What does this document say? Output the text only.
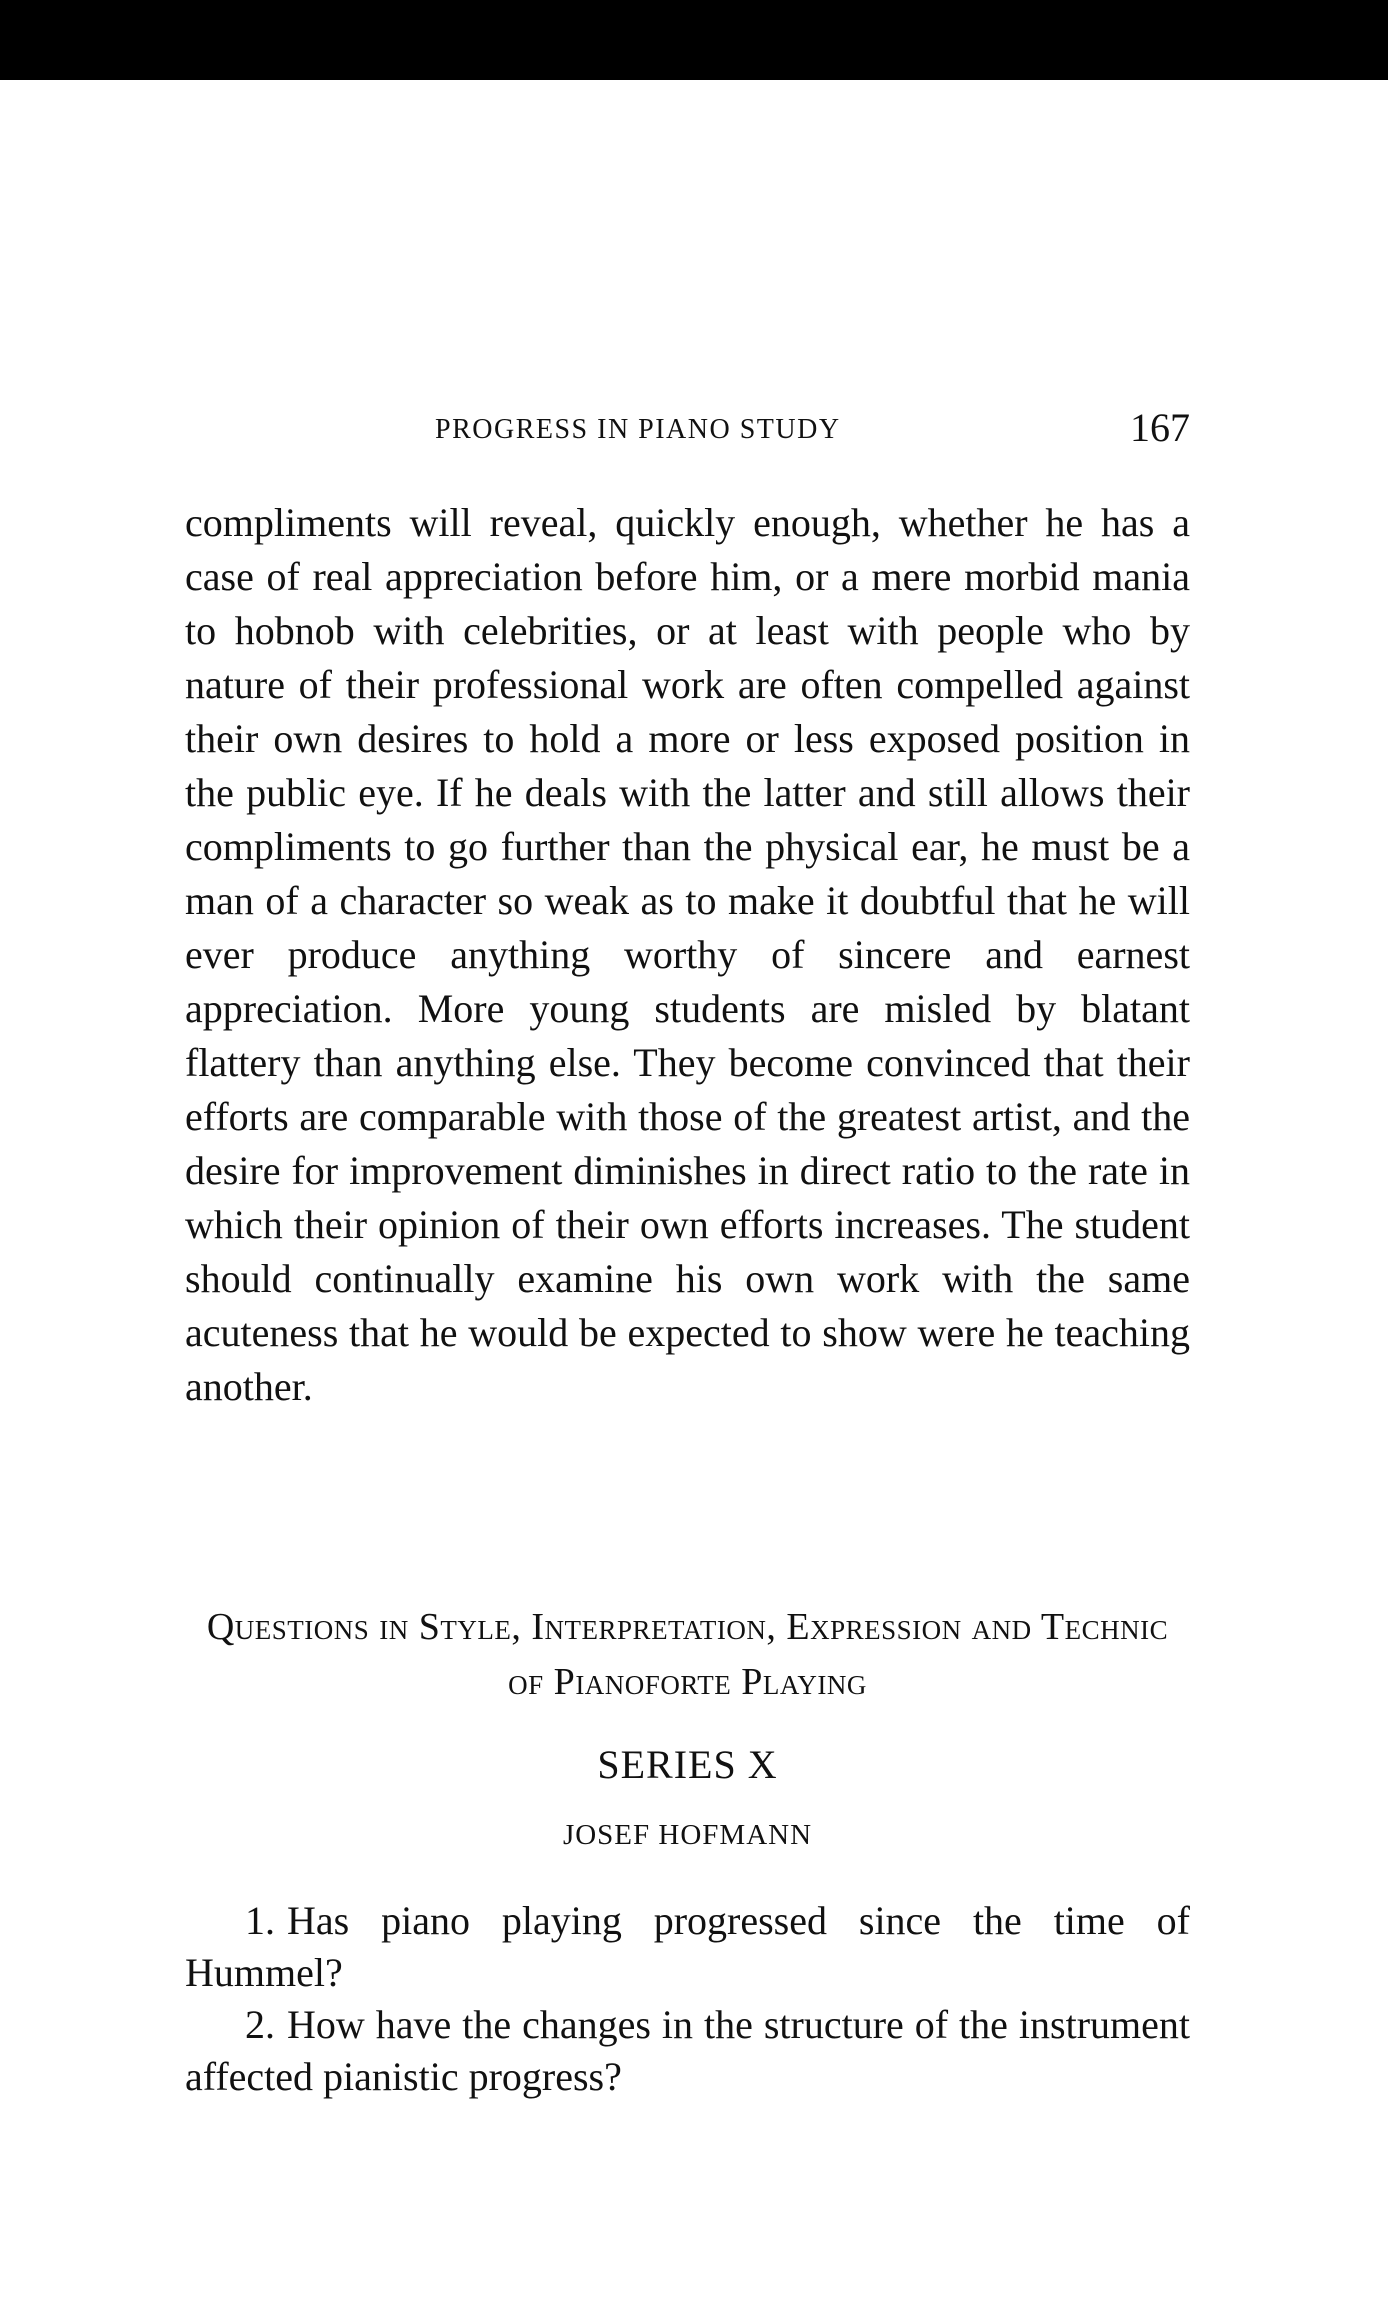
PROGRESS IN PIANO STUDY	167

compliments will reveal, quickly enough, whether he has a case of real appreciation before him, or a mere morbid mania to hobnob with celebrities, or at least with people who by nature of their professional work are often compelled against their own desires to hold a more or less exposed position in the public eye. If he deals with the latter and still allows their compliments to go further than the physical ear, he must be a man of a character so weak as to make it doubtful that he will ever produce anything worthy of sincere and earnest appreciation. More young students are misled by blatant flattery than anything else. They become convinced that their efforts are comparable with those of the greatest artist, and the desire for improvement diminishes in direct ratio to the rate in which their opinion of their own efforts increases. The student should continually examine his own work with the same acuteness that he would be expected to show were he teaching another.

Questions in Style, Interpretation, Expression and Technic of Pianoforte Playing
SERIES X

JOSEF HOFMANN

1. Has piano playing progressed since the time of Hummel?
2. How have the changes in the structure of the instrument affected pianistic progress?
